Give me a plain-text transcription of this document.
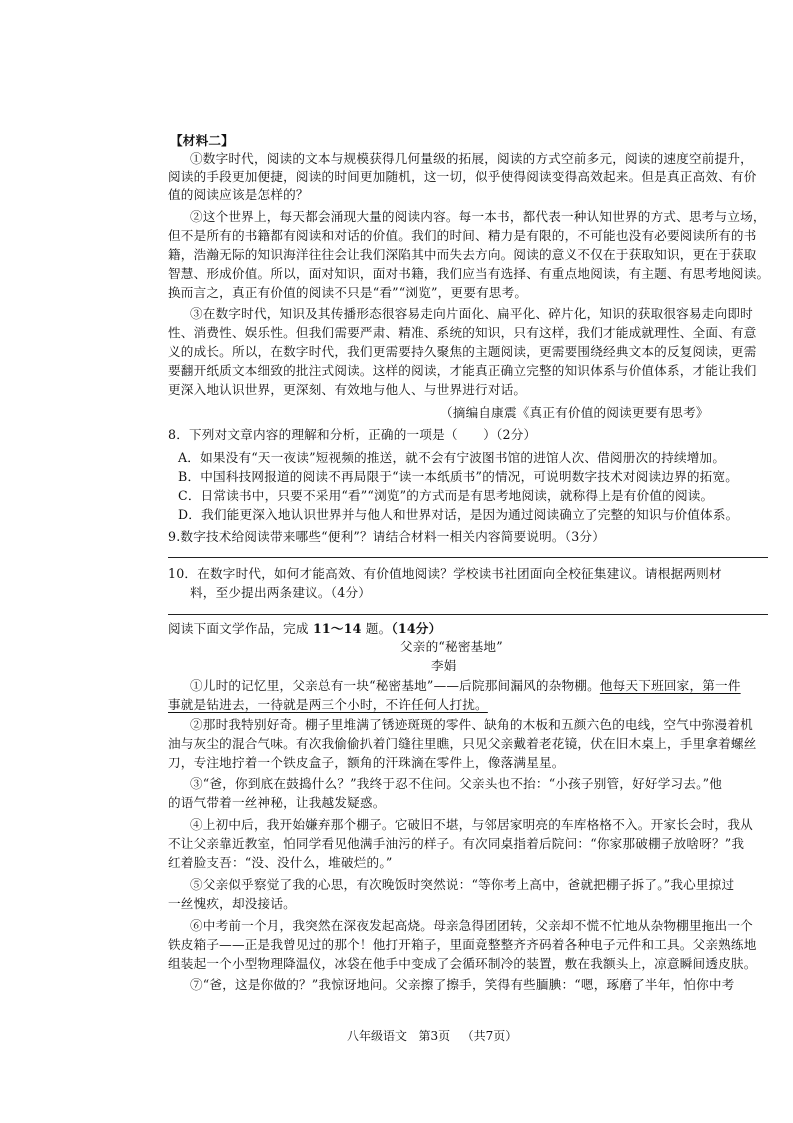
【材料二】
①数字时代，阅读的文本与规模获得几何量级的拓展，阅读的方式空前多元，阅读的速度空前提升，
阅读的手段更加便捷，阅读的时间更加随机，这一切，似乎使得阅读变得高效起来。但是真正高效、有价
值的阅读应该是怎样的？
②这个世界上，每天都会涌现大量的阅读内容。每一本书，都代表一种认知世界的方式、思考与立场，
但不是所有的书籍都有阅读和对话的价值。我们的时间、精力是有限的，不可能也没有必要阅读所有的书
籍，浩瀚无际的知识海洋往往会让我们深陷其中而失去方向。阅读的意义不仅在于获取知识，更在于获取
智慧、形成价值。所以，面对知识，面对书籍，我们应当有选择、有重点地阅读，有主题、有思考地阅读。
换而言之，真正有价值的阅读不只是“看”“浏览”，更要有思考。
③在数字时代，知识及其传播形态很容易走向片面化、扁平化、碎片化，知识的获取很容易走向即时
性、消费性、娱乐性。但我们需要严肃、精准、系统的知识，只有这样，我们才能成就理性、全面、有意
义的成长。所以，在数字时代，我们更需要持久聚焦的主题阅读，更需要围绕经典文本的反复阅读，更需
要翻开纸质文本细致的批注式阅读。这样的阅读，才能真正确立完整的知识体系与价值体系，才能让我们
更深入地认识世界，更深刻、有效地与他人、与世界进行对话。
（摘编自康震《真正有价值的阅读更要有思考》
8．下列对文章内容的理解和分析，正确的一项是（　　）（2分）
A．如果没有“天一夜读”短视频的推送，就不会有宁波图书馆的进馆人次、借阅册次的持续增加。
B．中国科技网报道的阅读不再局限于“读一本纸质书”的情况，可说明数字技术对阅读边界的拓宽。
C．日常读书中，只要不采用“看”“浏览”的方式而是有思考地阅读，就称得上是有价值的阅读。
D．我们能更深入地认识世界并与他人和世界对话，是因为通过阅读确立了完整的知识与价值体系。
9.数字技术给阅读带来哪些“便利”？请结合材料一相关内容简要说明。（3分）
10．在数字时代，如何才能高效、有价值地阅读？学校读书社团面向全校征集建议。请根据两则材
料，至少提出两条建议。（4分）
阅读下面文学作品，完成 11～14 题。（14分）
父亲的“秘密基地”
李娟
①儿时的记忆里，父亲总有一块“秘密基地”——后院那间漏风的杂物棚。他每天下班回家，第一件
事就是钻进去，一待就是两三个小时，不许任何人打扰。
②那时我特别好奇。棚子里堆满了锈迹斑斑的零件、缺角的木板和五颜六色的电线，空气中弥漫着机
油与灰尘的混合气味。有次我偷偷扒着门缝往里瞧，只见父亲戴着老花镜，伏在旧木桌上，手里拿着螺丝
刀，专注地拧着一个铁皮盒子，额角的汗珠滴在零件上，像落满星星。
③“爸，你到底在鼓捣什么？”我终于忍不住问。父亲头也不抬：“小孩子别管，好好学习去。”他
的语气带着一丝神秘，让我越发疑惑。
④上初中后，我开始嫌弃那个棚子。它破旧不堪，与邻居家明亮的车库格格不入。开家长会时，我从
不让父亲靠近教室，怕同学看见他满手油污的样子。有次同桌指着后院问：“你家那破棚子放啥呀？”我
红着脸支吾：“没、没什么，堆破烂的。”
⑤父亲似乎察觉了我的心思，有次晚饭时突然说：“等你考上高中，爸就把棚子拆了。”我心里掠过
一丝愧疚，却没接话。
⑥中考前一个月，我突然在深夜发起高烧。母亲急得团团转，父亲却不慌不忙地从杂物棚里拖出一个
铁皮箱子——正是我曾见过的那个！他打开箱子，里面竟整整齐齐码着各种电子元件和工具。父亲熟练地
组装起一个小型物理降温仪，冰袋在他手中变成了会循环制冷的装置，敷在我额头上，凉意瞬间透皮肤。
⑦“爸，这是你做的？”我惊讶地问。父亲擦了擦手，笑得有些腼腆：“嗯，琢磨了半年，怕你中考
八年级语文 第3页 （共7页）
